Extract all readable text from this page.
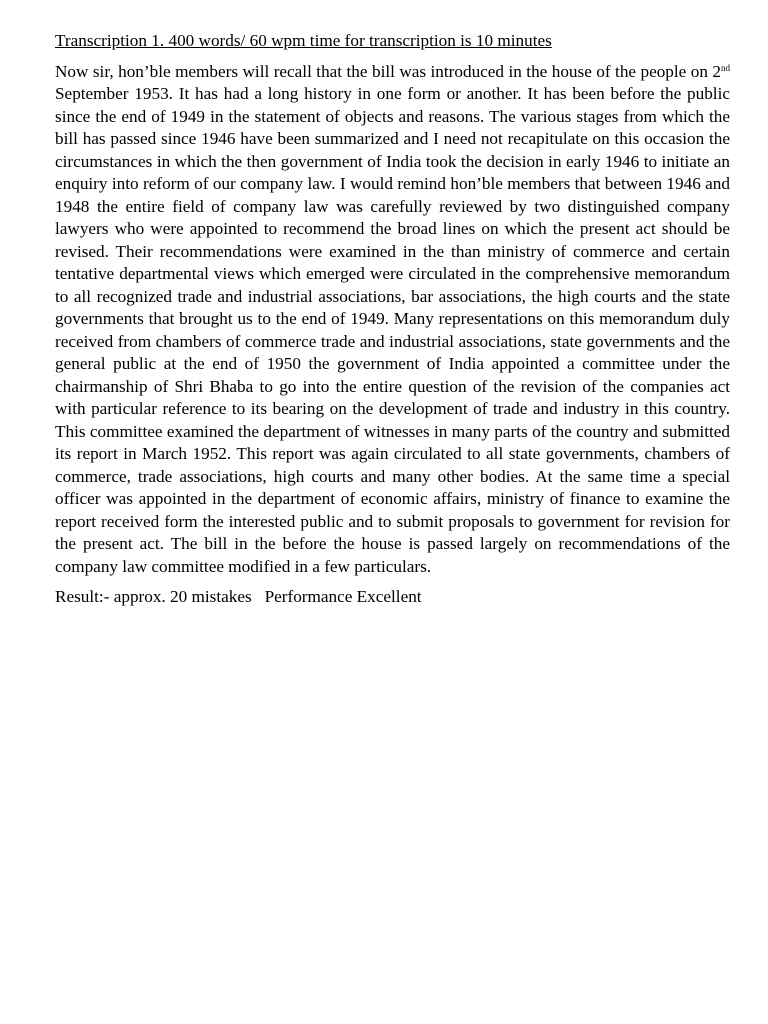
Transcription 1. 400 words/ 60 wpm time for transcription is 10 minutes

Now sir, hon’ble members will recall that the bill was introduced in the house of the people on 2nd September 1953. It has had a long history in one form or another. It has been before the public since the end of 1949 in the statement of objects and reasons. The various stages from which the bill has passed since 1946 have been summarized and I need not recapitulate on this occasion the circumstances in which the then government of India took the decision in early 1946 to initiate an enquiry into reform of our company law. I would remind hon’ble members that between 1946 and 1948 the entire field of company law was carefully reviewed by two distinguished company lawyers who were appointed to recommend the broad lines on which the present act should be revised. Their recommendations were examined in the than ministry of commerce and certain tentative departmental views which emerged were circulated in the comprehensive memorandum to all recognized trade and industrial associations, bar associations, the high courts and the state governments that brought us to the end of 1949. Many representations on this memorandum duly received from chambers of commerce trade and industrial associations, state governments and the general public at the end of 1950 the government of India appointed a committee under the chairmanship of Shri Bhaba to go into the entire question of the revision of the companies act with particular reference to its bearing on the development of trade and industry in this country. This committee examined the department of witnesses in many parts of the country and submitted its report in March 1952. This report was again circulated to all state governments, chambers of commerce, trade associations, high courts and many other bodies. At the same time a special officer was appointed in the department of economic affairs, ministry of finance to examine the report received form the interested public and to submit proposals to government for revision for the present act. The bill in the before the house is passed largely on recommendations of the company law committee modified in a few particulars.

Result:- approx. 20 mistakes   Performance Excellent
